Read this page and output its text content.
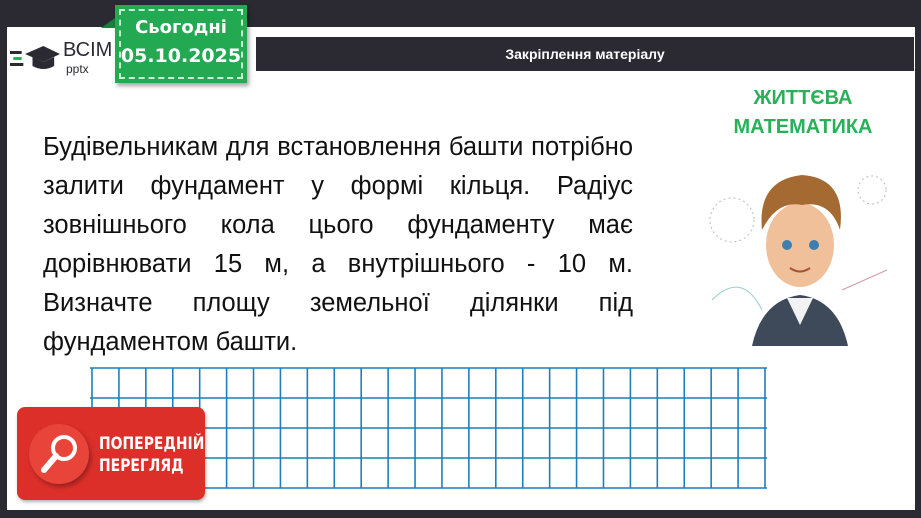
ВСІМ
pptx
Сьогодні
05.10.2025	Закріплення матеріалу
Будівельникам для встановлення башти потрібно залити фундамент у формі кільця. Радіус зовнішнього кола цього фундаменту має дорівнювати 15 м, а внутрішнього - 10 м. Визначте площу земельної ділянки під фундаментом башти.
ЖИТТЄВА
МАТЕМАТИКА
ПОПЕРЕДНІЙ
ПЕРЕГЛЯД
